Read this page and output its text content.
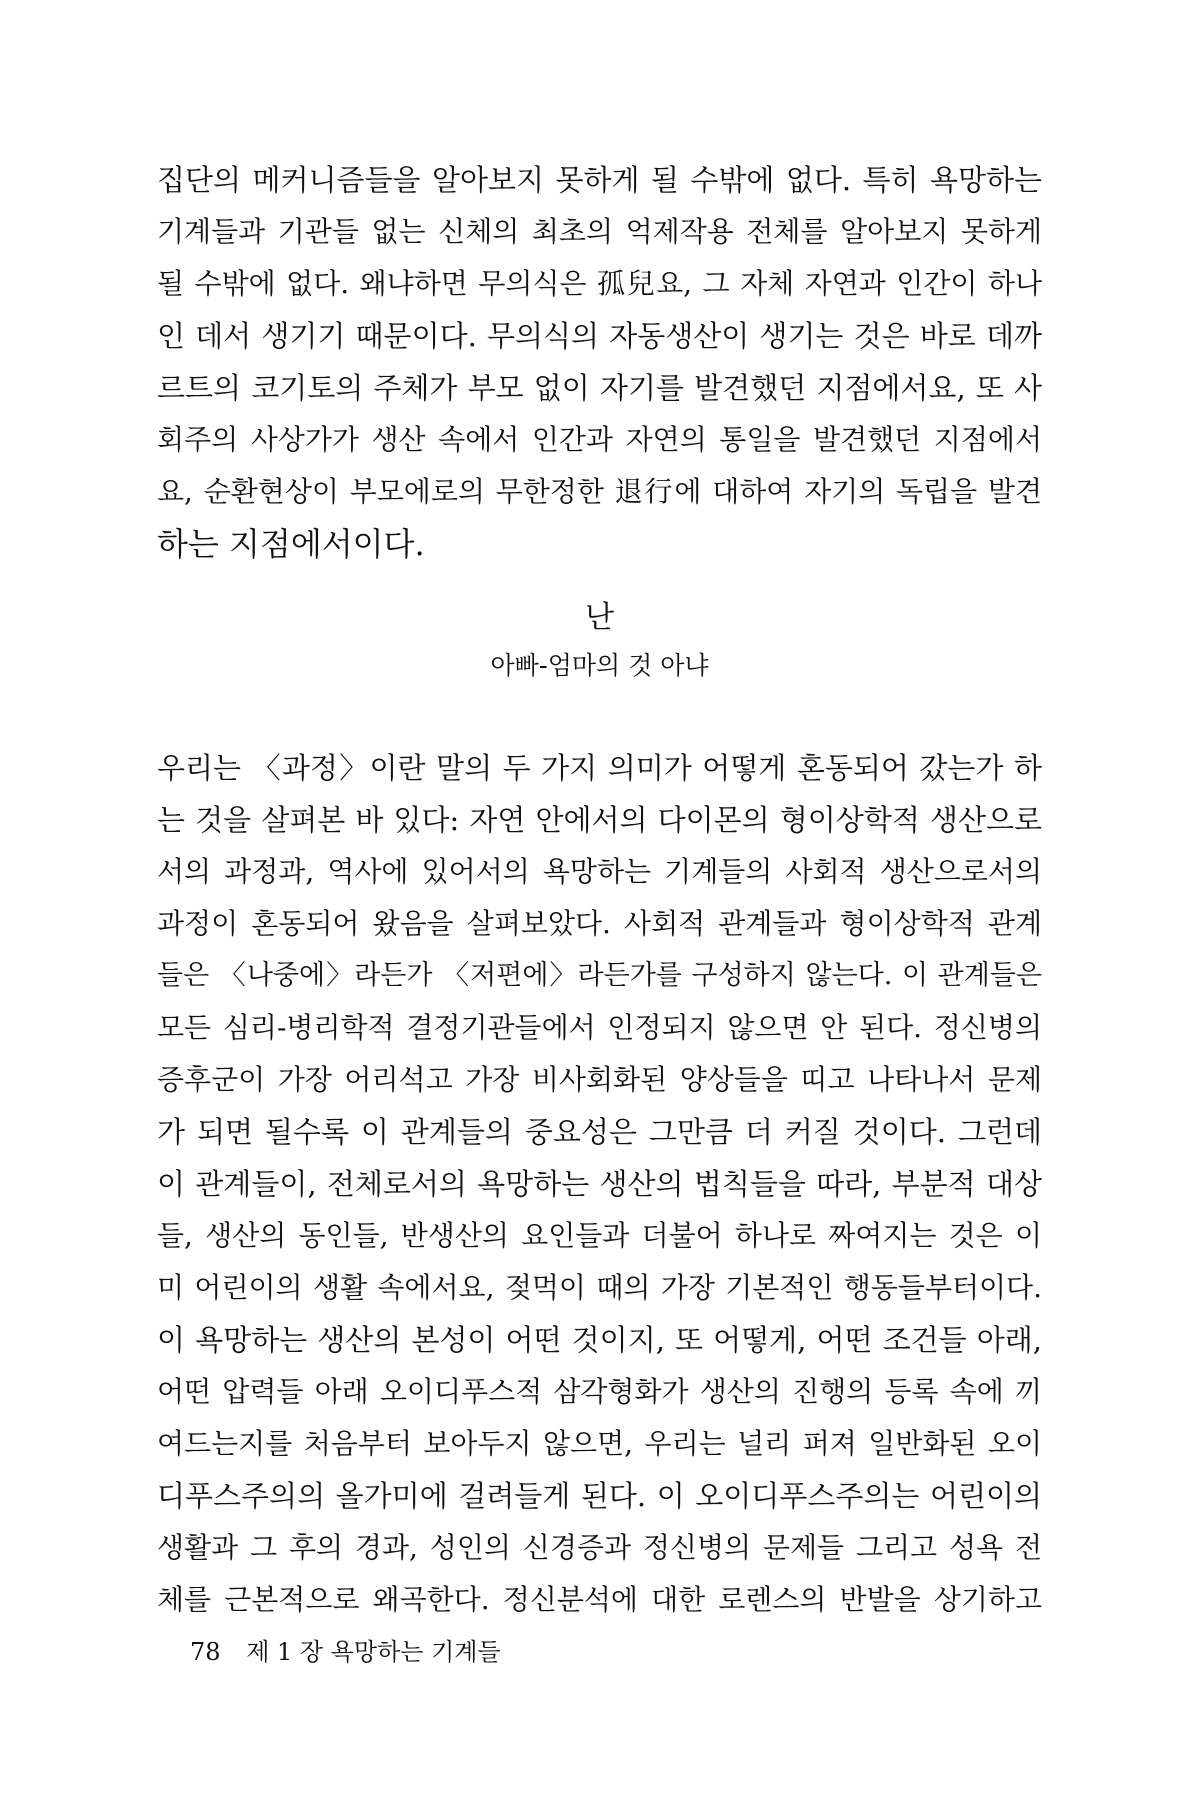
집단의 메커니즘들을 알아보지 못하게 될 수밖에 없다. 특히 욕망하는
기계들과 기관들 없는 신체의 최초의 억제작용 전체를 알아보지 못하게
될 수밖에 없다. 왜냐하면 무의식은 孤兒요, 그 자체 자연과 인간이 하나
인 데서 생기기 때문이다. 무의식의 자동생산이 생기는 것은 바로 데까
르트의 코기토의 주체가 부모 없이 자기를 발견했던 지점에서요, 또 사
회주의 사상가가 생산 속에서 인간과 자연의 통일을 발견했던 지점에서
요, 순환현상이 부모에로의 무한정한 退行에 대하여 자기의 독립을 발견
하는 지점에서이다.
난
아빠-엄마의 것 아냐
우리는 〈과정〉이란 말의 두 가지 의미가 어떻게 혼동되어 갔는가 하
는 것을 살펴본 바 있다: 자연 안에서의 다이몬의 형이상학적 생산으로
서의 과정과, 역사에 있어서의 욕망하는 기계들의 사회적 생산으로서의
과정이 혼동되어 왔음을 살펴보았다. 사회적 관계들과 형이상학적 관계
들은 〈나중에〉라든가 〈저편에〉라든가를 구성하지 않는다. 이 관계들은
모든 심리-병리학적 결정기관들에서 인정되지 않으면 안 된다. 정신병의
증후군이 가장 어리석고 가장 비사회화된 양상들을 띠고 나타나서 문제
가 되면 될수록 이 관계들의 중요성은 그만큼 더 커질 것이다. 그런데
이 관계들이, 전체로서의 욕망하는 생산의 법칙들을 따라, 부분적 대상
들, 생산의 동인들, 반생산의 요인들과 더불어 하나로 짜여지는 것은 이
미 어린이의 생활 속에서요, 젖먹이 때의 가장 기본적인 행동들부터이다.
이 욕망하는 생산의 본성이 어떤 것이지, 또 어떻게, 어떤 조건들 아래,
어떤 압력들 아래 오이디푸스적 삼각형화가 생산의 진행의 등록 속에 끼
여드는지를 처음부터 보아두지 않으면, 우리는 널리 퍼져 일반화된 오이
디푸스주의의 올가미에 걸려들게 된다. 이 오이디푸스주의는 어린이의
생활과 그 후의 경과, 성인의 신경증과 정신병의 문제들 그리고 성욕 전
체를 근본적으로 왜곡한다. 정신분석에 대한 로렌스의 반발을 상기하고
78 제 1 장 욕망하는 기계들
